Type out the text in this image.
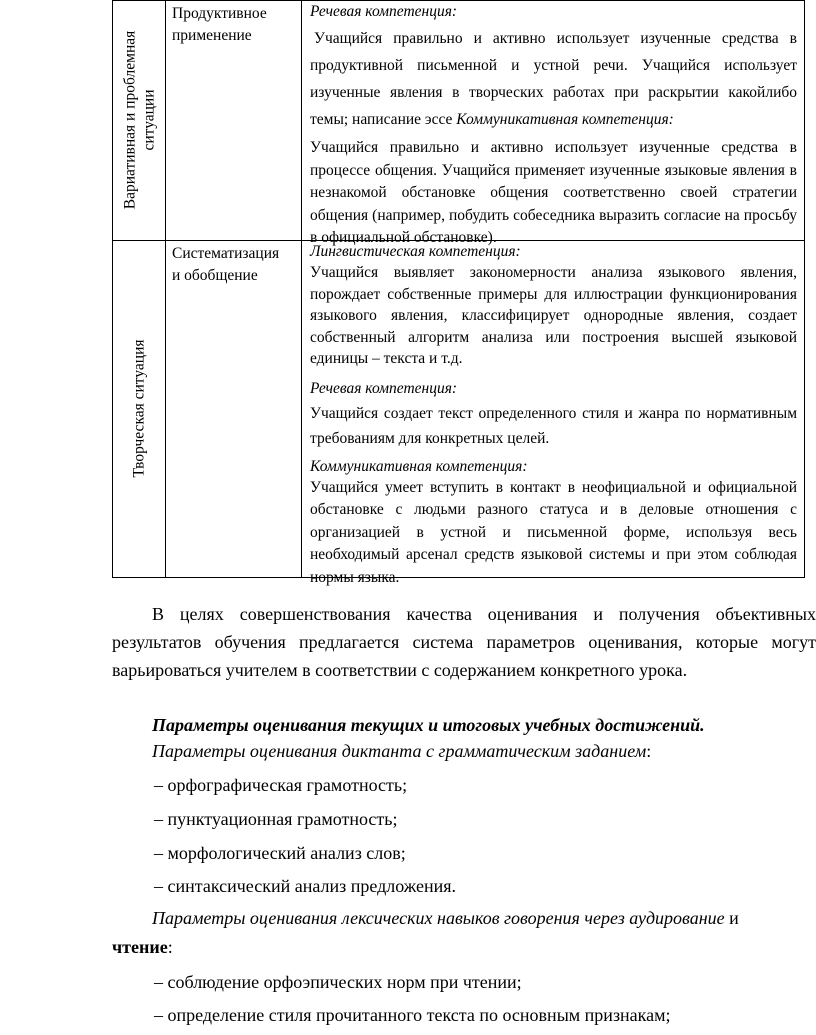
Вариативная и проблемная ситуации
Продуктивное
применение

Речевая компетенция:

Учащийся правильно и активно использует изученные средства в продуктивной письменной и устной речи. Учащийся использует изученные явления в творческих работах при раскрытии какойлибо темы; написание эссе Коммуникативная компетенция:

Учащийся правильно и активно использует изученные средства в процессе общения. Учащийся применяет изученные языковые явления в незнакомой обстановке общения соответственно своей стратегии общения (например, побудить собеседника выразить согласие на просьбу в официальной обстановке).

Творческая ситуация
Систематизация
и обобщение

Лингвистическая компетенция:

Учащийся выявляет закономерности анализа языкового явления, порождает собственные примеры для иллюстрации функционирования языкового явления, классифицирует однородные явления, создает собственный алгоритм анализа или построения высшей языковой единицы – текста и т.д.

Речевая компетенция:

Учащийся создает текст определенного стиля и жанра по нормативным требованиям для конкретных целей.

Коммуникативная компетенция:

Учащийся умеет вступить в контакт в неофициальной и официальной обстановке с людьми разного статуса и в деловые отношения с организацией в устной и письменной форме, используя весь необходимый арсенал средств языковой системы и при этом соблюдая нормы языка.

В целях совершенствования качества оценивания и получения объективных результатов обучения предлагается система параметров оценивания, которые могут варьироваться учителем в соответствии с содержанием конкретного урока.

Параметры оценивания текущих и итоговых учебных достижений.
Параметры оценивания диктанта с грамматическим заданием:
– орфографическая грамотность;
– пунктуационная грамотность;
– морфологический анализ слов;
– синтаксический анализ предложения.
Параметры оценивания лексических навыков говорения через аудирование и
чтение:
– соблюдение орфоэпических норм при чтении;
– определение стиля прочитанного текста по основным признакам;
